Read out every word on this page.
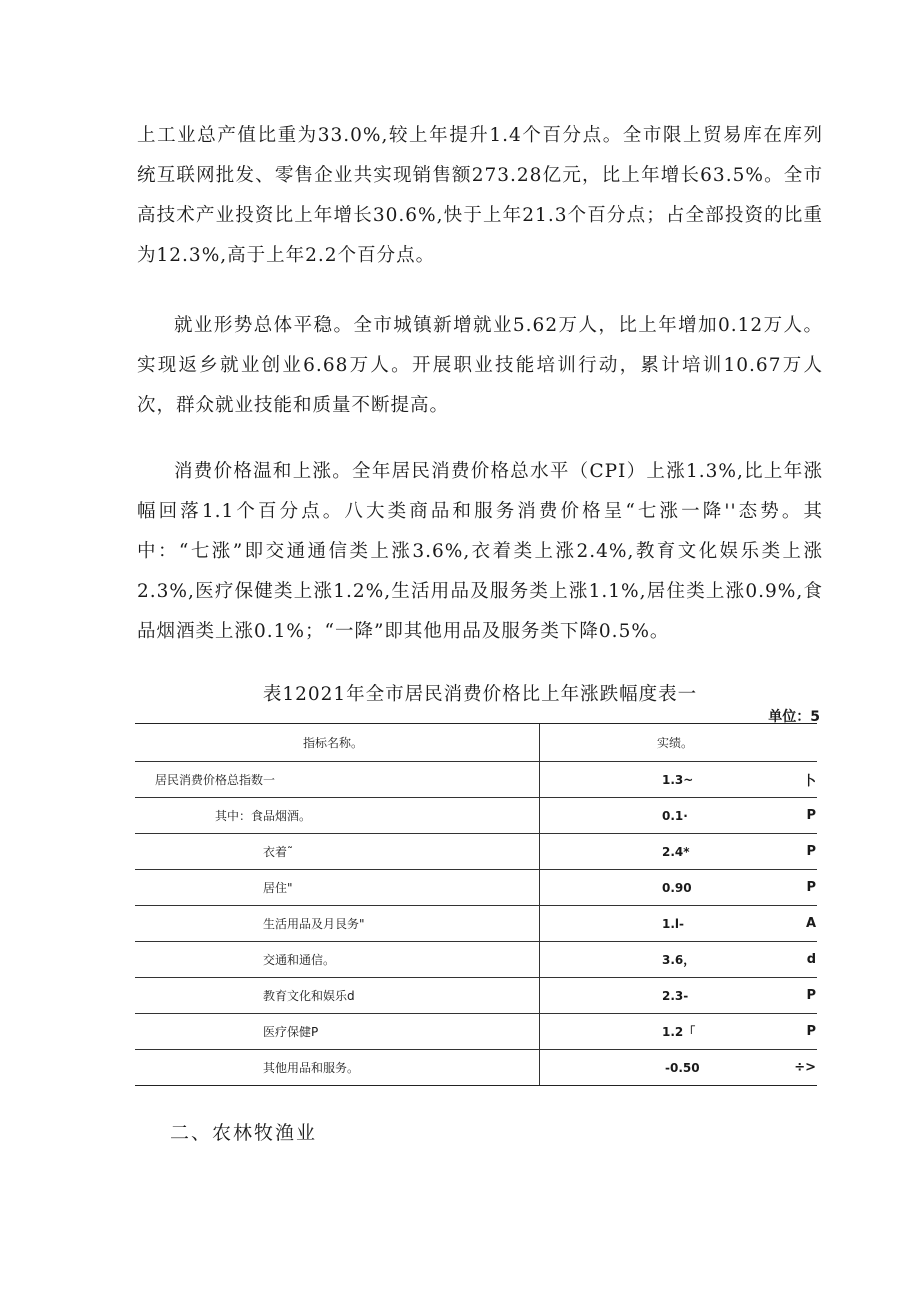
上工业总产值比重为33.0%,较上年提升1.4个百分点。全市限上贸易库在库列统互联网批发、零售企业共实现销售额273.28亿元，比上年增长63.5%。全市高技术产业投资比上年增长30.6%,快于上年21.3个百分点；占全部投资的比重为12.3%,高于上年2.2个百分点。

就业形势总体平稳。全市城镇新增就业5.62万人，比上年增加0.12万人。实现返乡就业创业6.68万人。开展职业技能培训行动，累计培训10.67万人次，群众就业技能和质量不断提高。

消费价格温和上涨。全年居民消费价格总水平（CPI）上涨1.3%,比上年涨幅回落1.1个百分点。八大类商品和服务消费价格呈“七涨一降''态势。其中：“七涨”即交通通信类上涨3.6%,衣着类上涨2.4%,教育文化娱乐类上涨2.3%,医疗保健类上涨1.2%,生活用品及服务类上涨1.1%,居住类上涨0.9%,食品烟酒类上涨0.1%；“一降”即其他用品及服务类下降0.5%。

表12021年全市居民消费价格比上年涨跌幅度表一
单位：5
指标名称。	实绩。
居民消费价格总指数一	1.3~	卜
其中：食品烟酒。	0.1·	P
衣着˜	2.4*	P
居住"	0.90	P
生活用品及月艮务"	1.l-	A
交通和通信。	3.6，	d
教育文化和娱乐d	2.3-	P
医疗保健P	1.2「	P
其他用品和服务。	-0.50	÷>
二、农林牧渔业
